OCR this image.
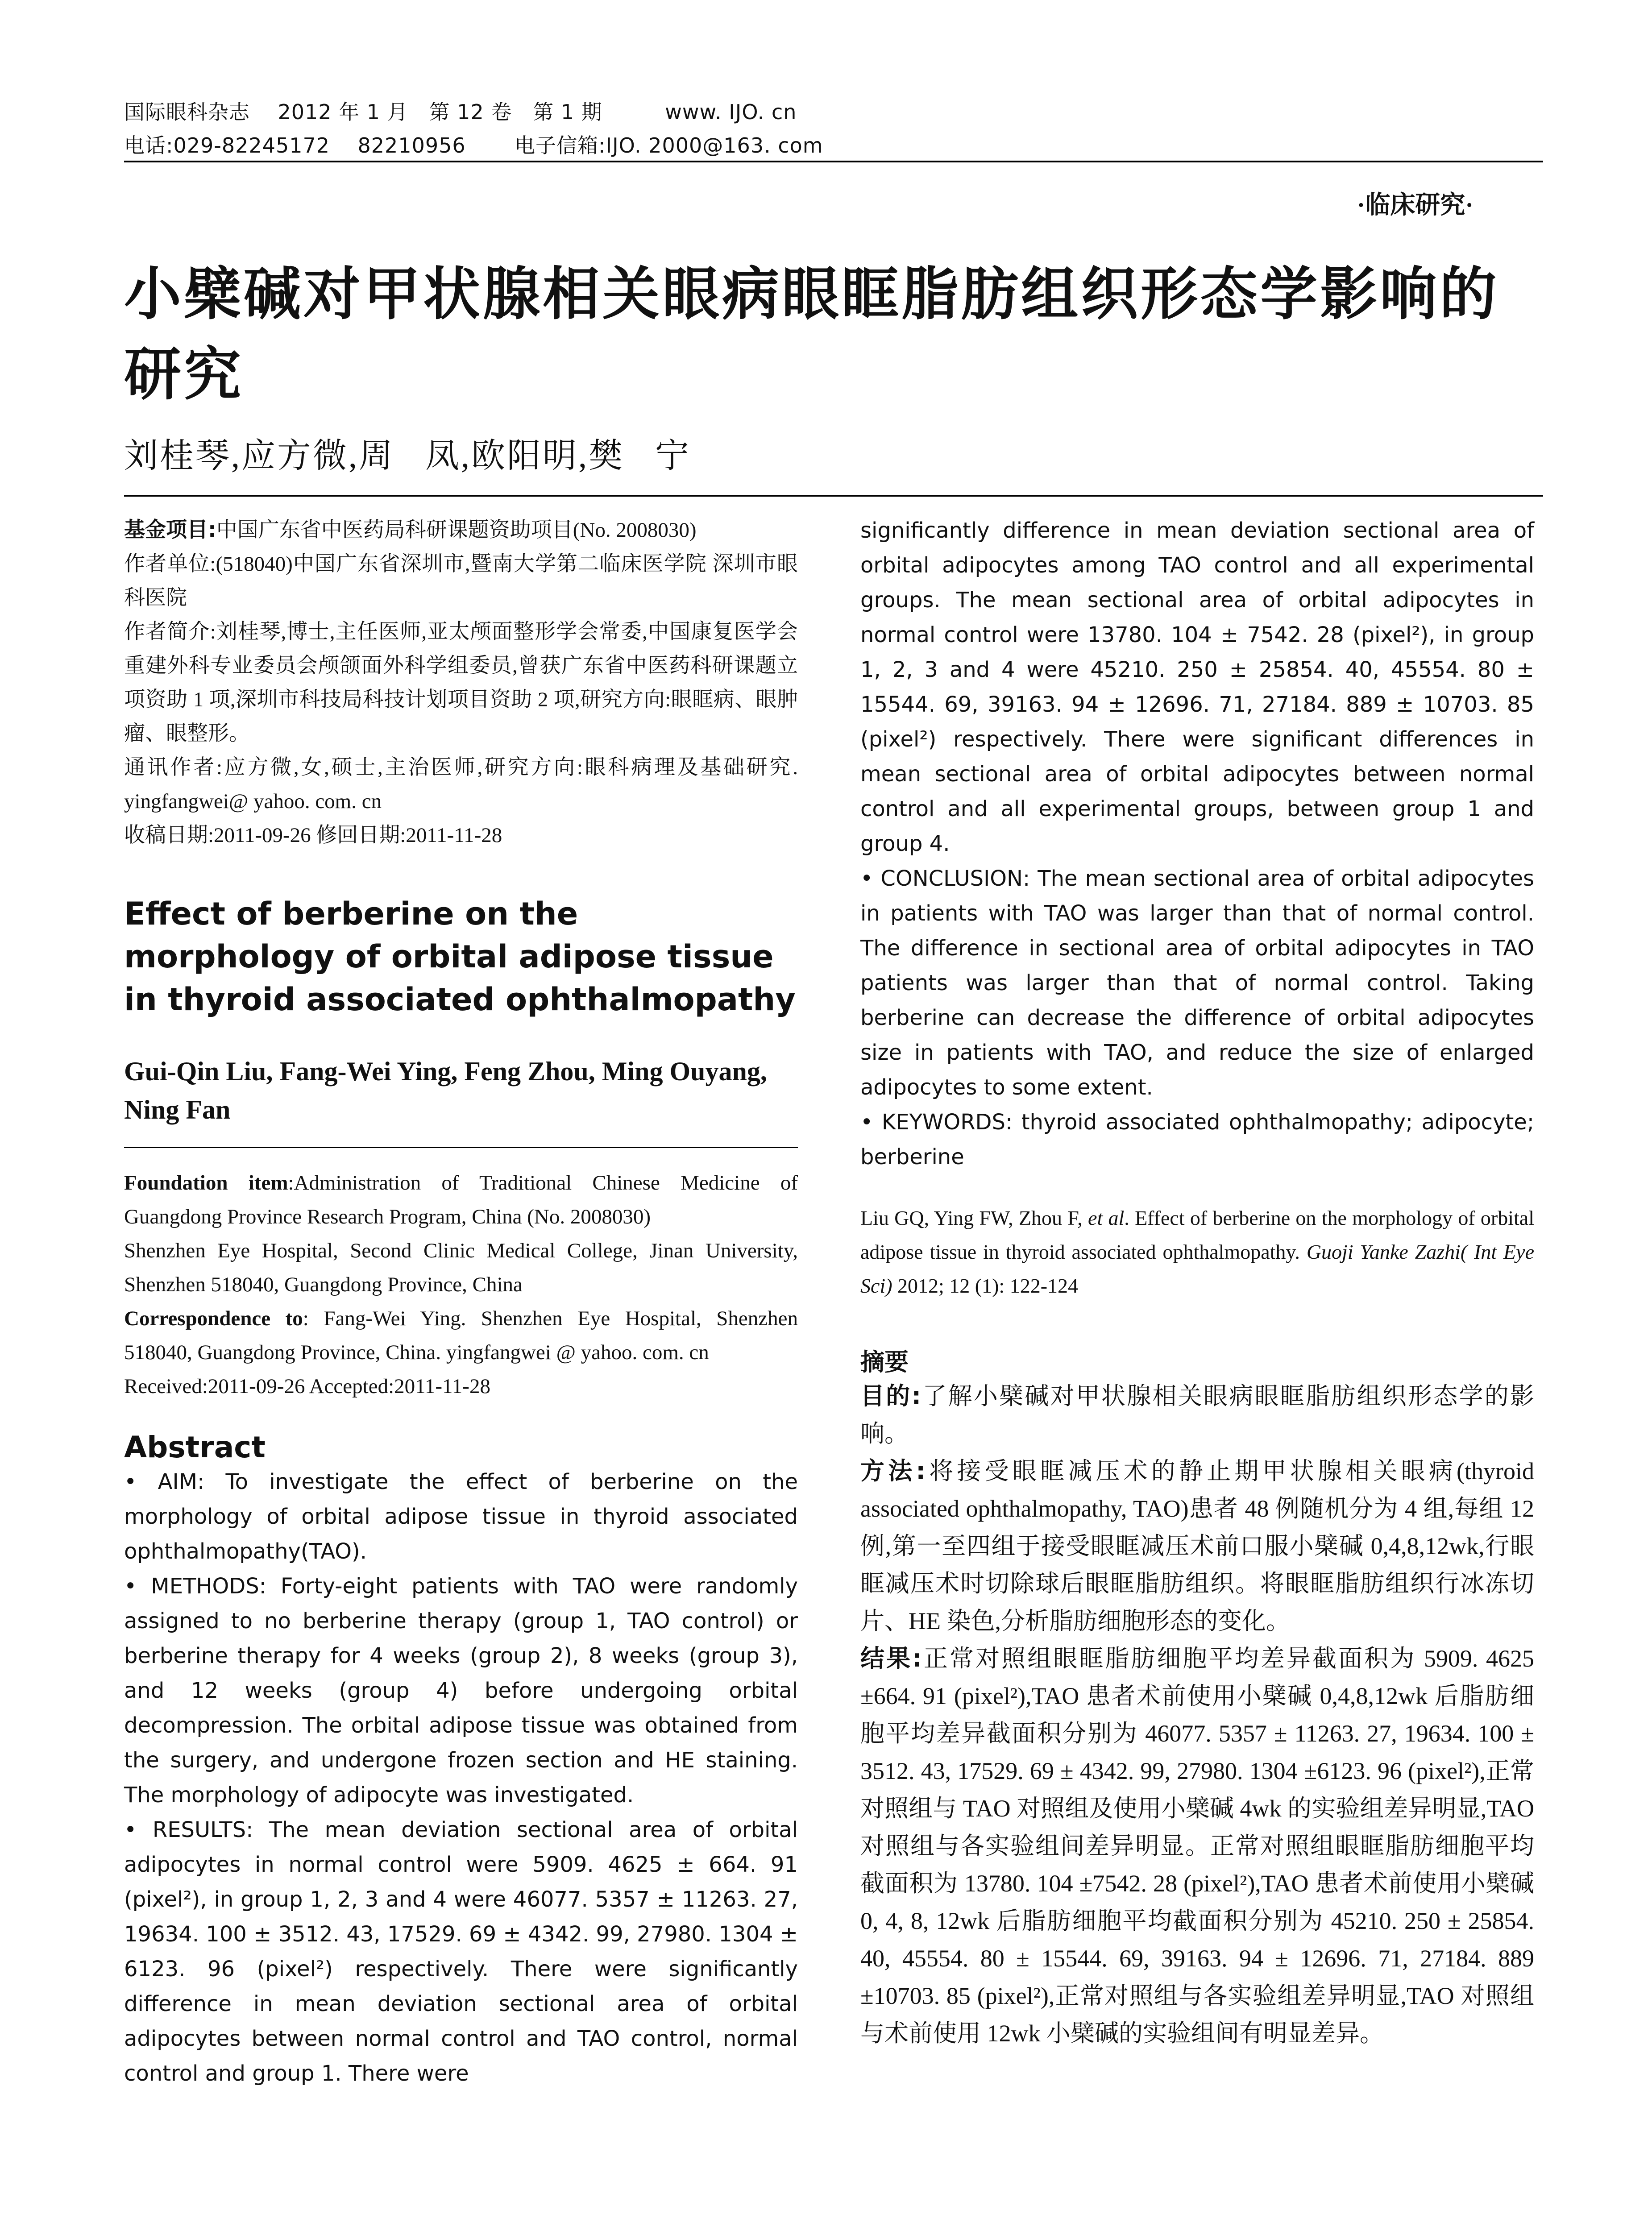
国际眼科杂志    2012 年 1 月   第 12 卷   第 1 期         www. IJO. cn
电话:029-82245172    82210956       电子信箱:IJO. 2000@163. com
·临床研究·
小檗碱对甲状腺相关眼病眼眶脂肪组织形态学影响的研究
刘桂琴,应方微,周   凤,欧阳明,樊   宁

基金项目:中国广东省中医药局科研课题资助项目(No. 2008030)

作者单位:(518040)中国广东省深圳市,暨南大学第二临床医学院 深圳市眼科医院

作者简介:刘桂琴,博士,主任医师,亚太颅面整形学会常委,中国康复医学会重建外科专业委员会颅颌面外科学组委员,曾获广东省中医药科研课题立项资助 1 项,深圳市科技局科技计划项目资助 2 项,研究方向:眼眶病、眼肿瘤、眼整形。

通讯作者:应方微,女,硕士,主治医师,研究方向:眼科病理及基础研究. yingfangwei@ yahoo. com. cn

收稿日期:2011-09-26 修回日期:2011-11-28

Effect of berberine on the morphology of orbital adipose tissue in thyroid associated ophthalmopathy
Gui-Qin Liu, Fang-Wei Ying, Feng Zhou, Ming Ouyang, Ning Fan

Foundation item:Administration of Traditional Chinese Medicine of Guangdong Province Research Program, China (No. 2008030)

Shenzhen Eye Hospital, Second Clinic Medical College, Jinan University, Shenzhen 518040, Guangdong Province, China

Correspondence to: Fang-Wei Ying. Shenzhen Eye Hospital, Shenzhen 518040, Guangdong Province, China. yingfangwei @ yahoo. com. cn

Received:2011-09-26 Accepted:2011-11-28

Abstract

• AIM: To investigate the effect of berberine on the morphology of orbital adipose tissue in thyroid associated ophthalmopathy(TAO).

• METHODS: Forty-eight patients with TAO were randomly assigned to no berberine therapy (group 1, TAO control) or berberine therapy for 4 weeks (group 2), 8 weeks (group 3), and 12 weeks (group 4) before undergoing orbital decompression. The orbital adipose tissue was obtained from the surgery, and undergone frozen section and HE staining. The morphology of adipocyte was investigated.

• RESULTS: The mean deviation sectional area of orbital adipocytes in normal control were 5909. 4625 ± 664. 91 (pixel²), in group 1, 2, 3 and 4 were 46077. 5357 ± 11263. 27, 19634. 100 ± 3512. 43, 17529. 69 ± 4342. 99, 27980. 1304 ± 6123. 96 (pixel²) respectively. There were significantly difference in mean deviation sectional area of orbital adipocytes between normal control and TAO control, normal control and group 1. There were

significantly difference in mean deviation sectional area of orbital adipocytes among TAO control and all experimental groups. The mean sectional area of orbital adipocytes in normal control were 13780. 104 ± 7542. 28 (pixel²), in group 1, 2, 3 and 4 were 45210. 250 ± 25854. 40, 45554. 80 ± 15544. 69, 39163. 94 ± 12696. 71, 27184. 889 ± 10703. 85 (pixel²) respectively. There were significant differences in mean sectional area of orbital adipocytes between normal control and all experimental groups, between group 1 and group 4.

• CONCLUSION: The mean sectional area of orbital adipocytes in patients with TAO was larger than that of normal control. The difference in sectional area of orbital adipocytes in TAO patients was larger than that of normal control. Taking berberine can decrease the difference of orbital adipocytes size in patients with TAO, and reduce the size of enlarged adipocytes to some extent.

• KEYWORDS: thyroid associated ophthalmopathy; adipocyte; berberine

Liu GQ, Ying FW, Zhou F, et al. Effect of berberine on the morphology of orbital adipose tissue in thyroid associated ophthalmopathy. Guoji Yanke Zazhi( Int Eye Sci) 2012; 12 (1): 122-124

摘要

目的:了解小檗碱对甲状腺相关眼病眼眶脂肪组织形态学的影响。

方法:将接受眼眶减压术的静止期甲状腺相关眼病(thyroid associated ophthalmopathy, TAO)患者 48 例随机分为 4 组,每组 12 例,第一至四组于接受眼眶减压术前口服小檗碱 0,4,8,12wk,行眼眶减压术时切除球后眼眶脂肪组织。将眼眶脂肪组织行冰冻切片、HE 染色,分析脂肪细胞形态的变化。

结果:正常对照组眼眶脂肪细胞平均差异截面积为 5909. 4625 ±664. 91 (pixel²),TAO 患者术前使用小檗碱 0,4,8,12wk 后脂肪细胞平均差异截面积分别为 46077. 5357 ± 11263. 27, 19634. 100 ± 3512. 43, 17529. 69 ± 4342. 99, 27980. 1304 ±6123. 96 (pixel²),正常对照组与 TAO 对照组及使用小檗碱 4wk 的实验组差异明显,TAO 对照组与各实验组间差异明显。正常对照组眼眶脂肪细胞平均截面积为 13780. 104 ±7542. 28 (pixel²),TAO 患者术前使用小檗碱 0, 4, 8, 12wk 后脂肪细胞平均截面积分别为 45210. 250 ± 25854. 40, 45554. 80 ± 15544. 69, 39163. 94 ± 12696. 71, 27184. 889 ±10703. 85 (pixel²),正常对照组与各实验组差异明显,TAO 对照组与术前使用 12wk 小檗碱的实验组间有明显差异。
